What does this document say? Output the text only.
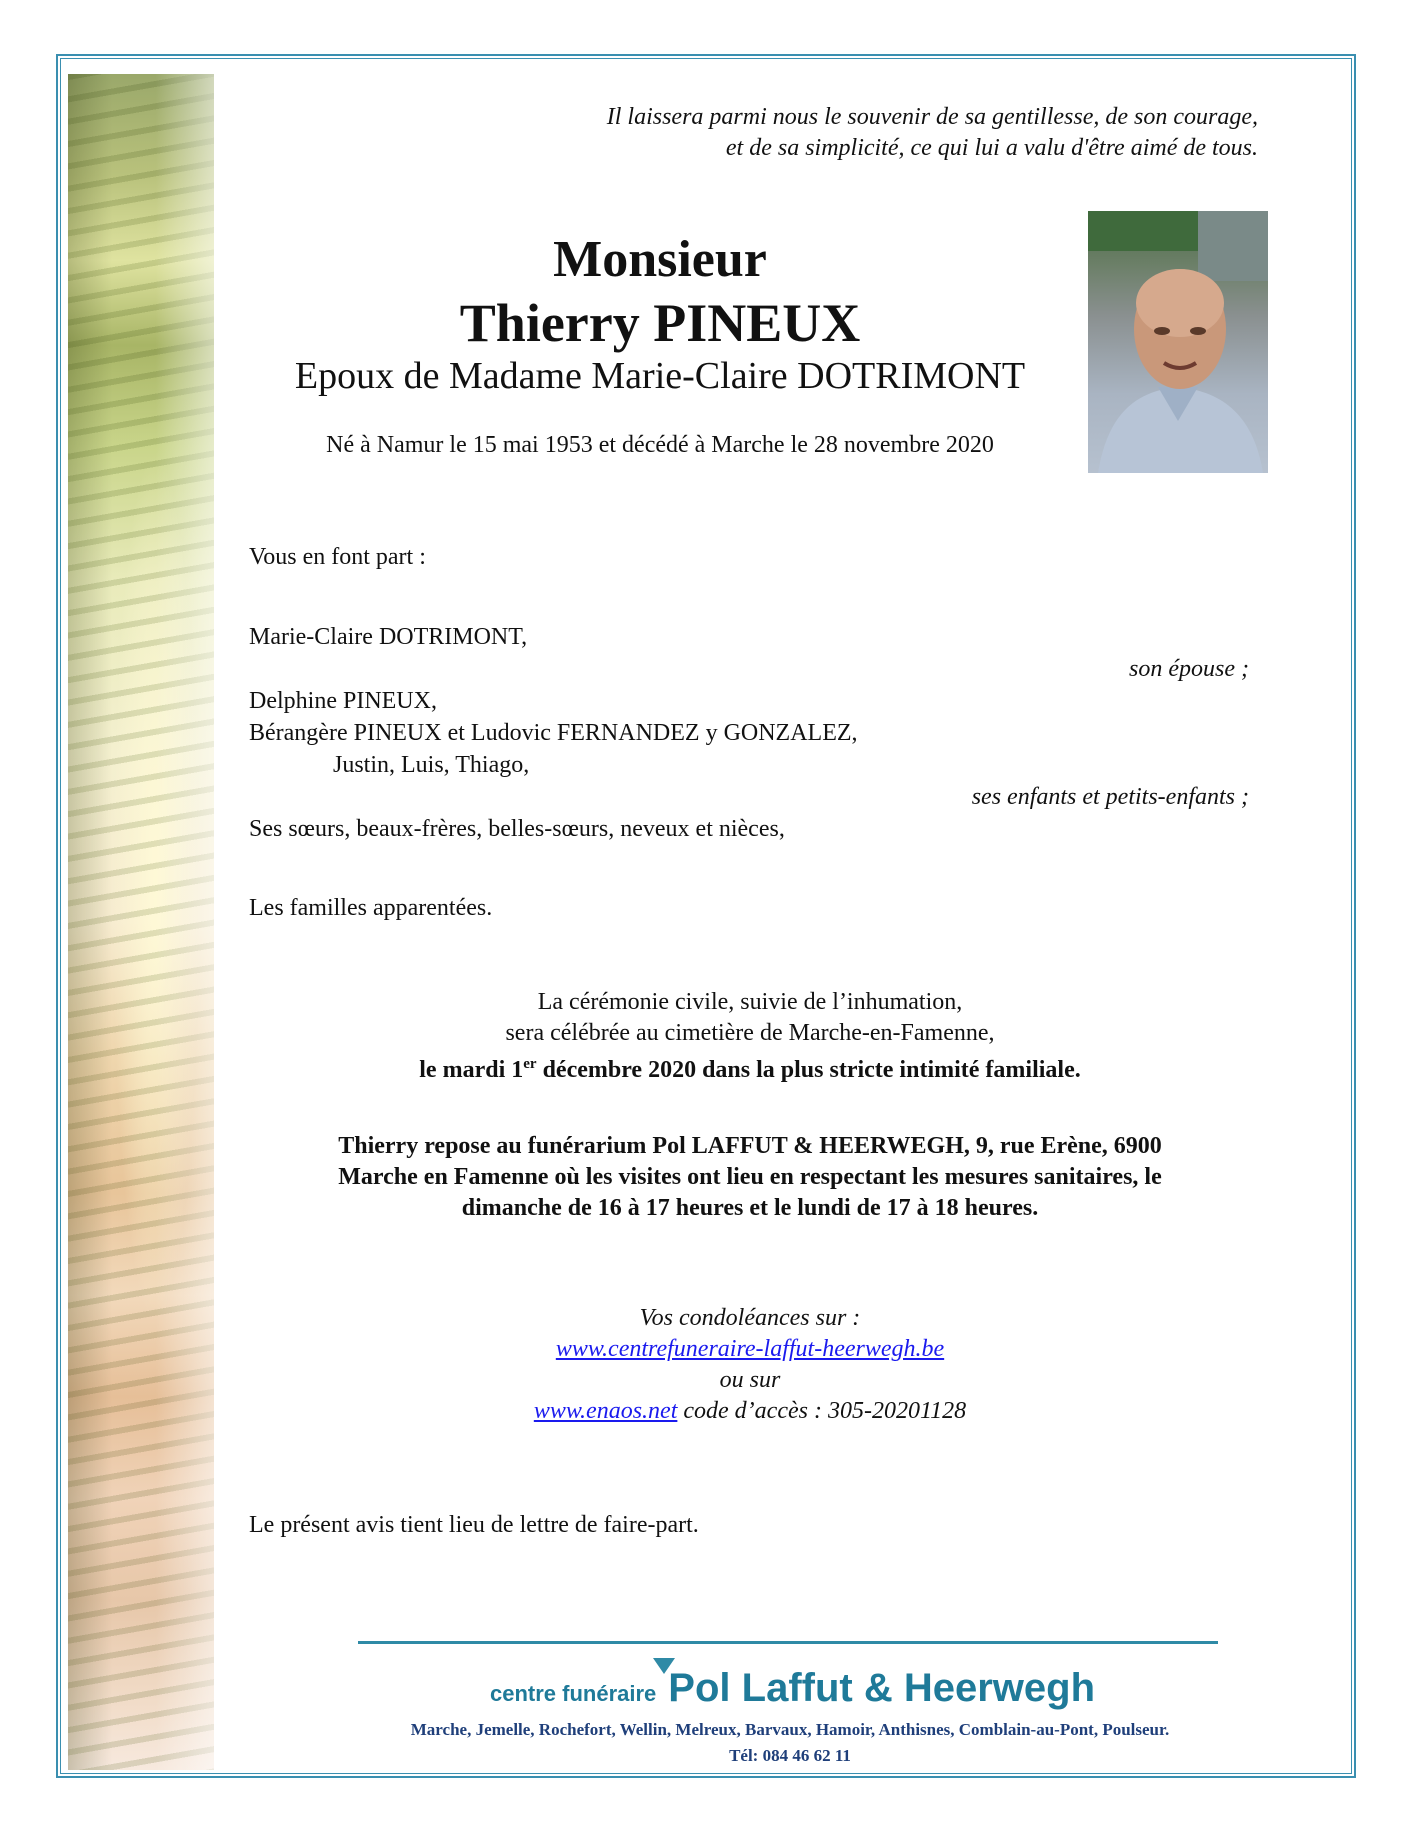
Il laissera parmi nous le souvenir de sa gentillesse, de son courage,
et de sa simplicité, ce qui lui a valu d'être aimé de tous.
Monsieur
Thierry PINEUX
Epoux de Madame Marie-Claire DOTRIMONT
Né à Namur le 15 mai 1953 et décédé à Marche le 28 novembre 2020
Vous en font part :
Marie-Claire DOTRIMONT,
son épouse ;
Delphine PINEUX,
Bérangère PINEUX et Ludovic FERNANDEZ y GONZALEZ,
Justin, Luis, Thiago,
ses enfants et petits-enfants ;
Ses sœurs, beaux-frères, belles-sœurs, neveux et nièces,
Les familles apparentées.
La cérémonie civile, suivie de l’inhumation,
sera célébrée au cimetière de Marche-en-Famenne,
le mardi 1er décembre 2020 dans la plus stricte intimité familiale.
Thierry repose au funérarium Pol LAFFUT & HEERWEGH, 9, rue Erène, 6900
Marche en Famenne où les visites ont lieu en respectant les mesures sanitaires, le
dimanche de 16 à 17 heures et le lundi de 17 à 18 heures.
Vos condoléances sur :
www.centrefuneraire-laffut-heerwegh.be
ou sur
www.enaos.net code d’accès : 305-20201128
Le présent avis tient lieu de lettre de faire-part.
centre funéraire Pol Laffut & Heerwegh
Marche, Jemelle, Rochefort, Wellin, Melreux, Barvaux, Hamoir, Anthisnes, Comblain-au-Pont, Poulseur.
Tél: 084 46 62 11
